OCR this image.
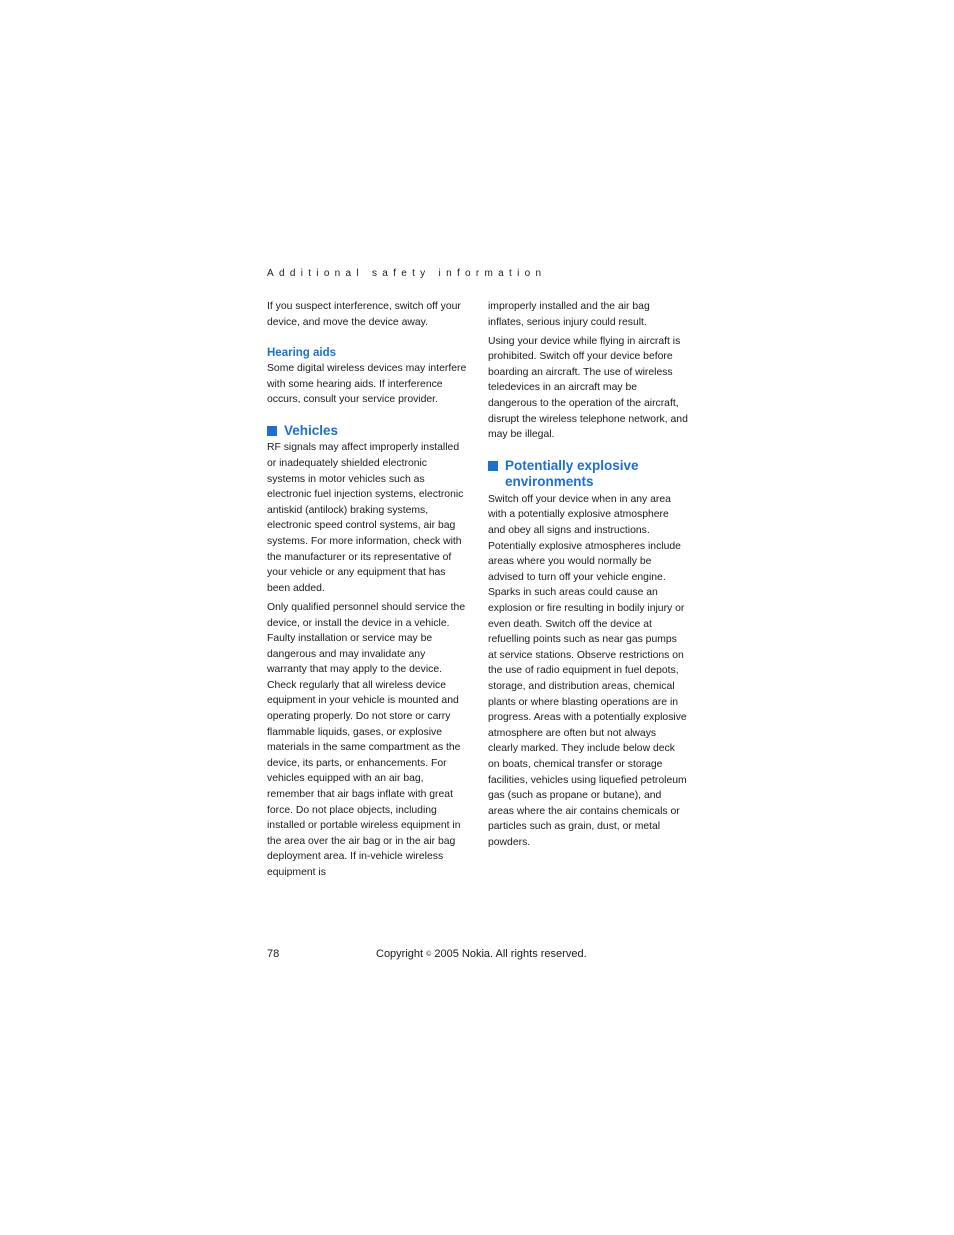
Additional safety information

If you suspect interference, switch off your device, and move the device away.

Hearing aids

Some digital wireless devices may interfere with some hearing aids. If interference occurs, consult your service provider.

Vehicles

RF signals may affect improperly installed or inadequately shielded electronic systems in motor vehicles such as electronic fuel injection systems, electronic antiskid (antilock) braking systems, electronic speed control systems, air bag systems. For more information, check with the manufacturer or its representative of your vehicle or any equipment that has been added.

Only qualified personnel should service the device, or install the device in a vehicle. Faulty installation or service may be dangerous and may invalidate any warranty that may apply to the device. Check regularly that all wireless device equipment in your vehicle is mounted and operating properly. Do not store or carry flammable liquids, gases, or explosive materials in the same compartment as the device, its parts, or enhancements. For vehicles equipped with an air bag, remember that air bags inflate with great force. Do not place objects, including installed or portable wireless equipment in the area over the air bag or in the air bag deployment area. If in-vehicle wireless equipment is

improperly installed and the air bag inflates, serious injury could result.

Using your device while flying in aircraft is prohibited. Switch off your device before boarding an aircraft. The use of wireless teledevices in an aircraft may be dangerous to the operation of the aircraft, disrupt the wireless telephone network, and may be illegal.

Potentially explosive environments

Switch off your device when in any area with a potentially explosive atmosphere and obey all signs and instructions. Potentially explosive atmospheres include areas where you would normally be advised to turn off your vehicle engine. Sparks in such areas could cause an explosion or fire resulting in bodily injury or even death. Switch off the device at refuelling points such as near gas pumps at service stations. Observe restrictions on the use of radio equipment in fuel depots, storage, and distribution areas, chemical plants or where blasting operations are in progress. Areas with a potentially explosive atmosphere are often but not always clearly marked. They include below deck on boats, chemical transfer or storage facilities, vehicles using liquefied petroleum gas (such as propane or butane), and areas where the air contains chemicals or particles such as grain, dust, or metal powders.

78	Copyright © 2005 Nokia. All rights reserved.
